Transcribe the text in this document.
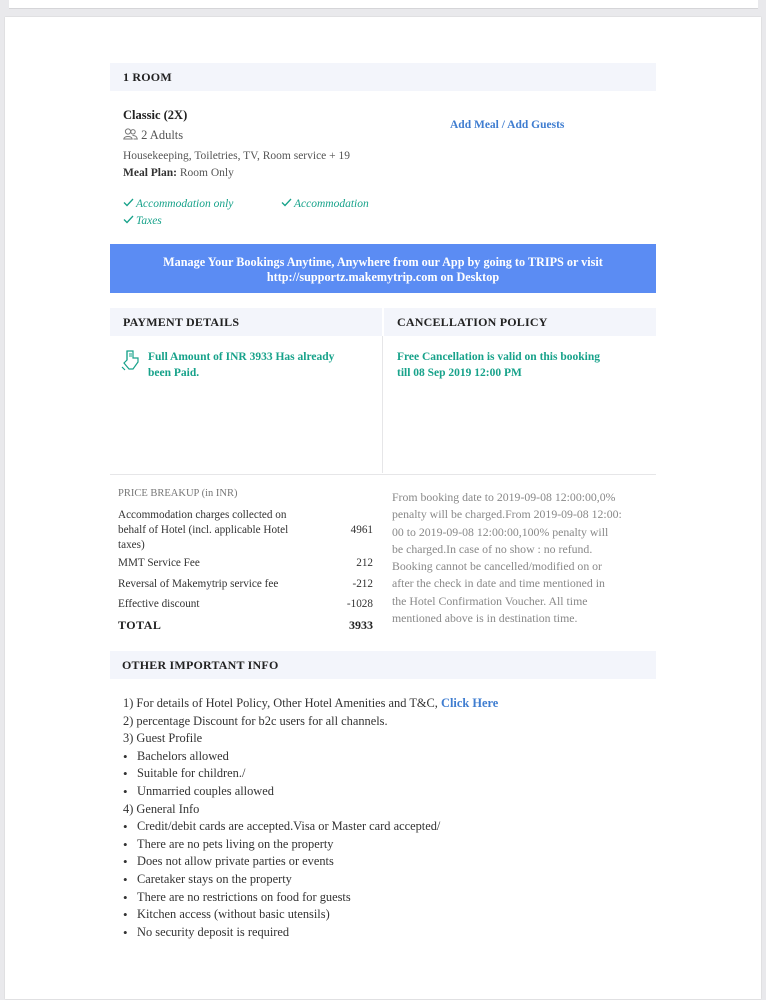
1 ROOM
Classic (2X)
2 Adults
Housekeeping, Toiletries, TV, Room service + 19
Meal Plan: Room Only
Add Meal / Add Guests
Accommodation only	Accommodation
Taxes
Manage Your Bookings Anytime, Anywhere from our App by going to TRIPS or visit
http://supportz.makemytrip.com on Desktop
PAYMENT DETAILS	CANCELLATION POLICY
Full Amount of INR 3933 Has already
been Paid.
Free Cancellation is valid on this booking
till 08 Sep 2019 12:00 PM
PRICE BREAKUP (in INR)
Accommodation charges collected on
behalf of Hotel (incl. applicable Hotel
taxes)
4961
MMT Service Fee	212
Reversal of Makemytrip service fee	-212
Effective discount	-1028
TOTAL	3933
From booking date to 2019-09-08 12:00:00,0%
penalty will be charged.From 2019-09-08 12:00:
00 to 2019-09-08 12:00:00,100% penalty will
be charged.In case of no show : no refund.
Booking cannot be cancelled/modified on or
after the check in date and time mentioned in
the Hotel Confirmation Voucher. All time
mentioned above is in destination time.
OTHER IMPORTANT INFO
1) For details of Hotel Policy, Other Hotel Amenities and T&C, Click Here
2) percentage Discount for b2c users for all channels.
3) Guest Profile
• Bachelors allowed
• Suitable for children./
• Unmarried couples allowed
4) General Info
• Credit/debit cards are accepted.Visa or Master card accepted/
• There are no pets living on the property
• Does not allow private parties or events
• Caretaker stays on the property
• There are no restrictions on food for guests
• Kitchen access (without basic utensils)
• No security deposit is required
